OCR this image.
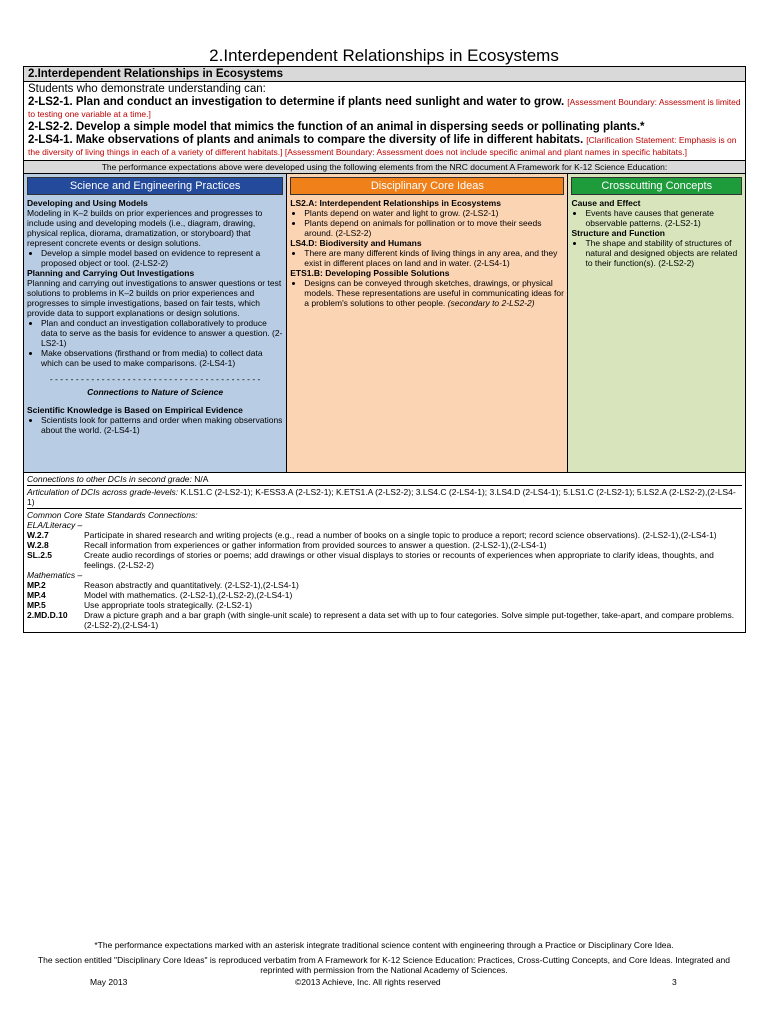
2.Interdependent Relationships in Ecosystems
2.Interdependent Relationships in Ecosystems
Students who demonstrate understanding can:
2-LS2-1. Plan and conduct an investigation to determine if plants need sunlight and water to grow. [Assessment Boundary: Assessment is limited to testing one variable at a time.]
2-LS2-2. Develop a simple model that mimics the function of an animal in dispersing seeds or pollinating plants.*
2-LS4-1. Make observations of plants and animals to compare the diversity of life in different habitats. [Clarification Statement: Emphasis is on the diversity of living things in each of a variety of different habitats.] [Assessment Boundary: Assessment does not include specific animal and plant names in specific habitats.]
The performance expectations above were developed using the following elements from the NRC document A Framework for K-12 Science Education:
Science and Engineering Practices
Developing and Using Models
Modeling in K–2 builds on prior experiences and progresses to include using and developing models (i.e., diagram, drawing, physical replica, diorama, dramatization, or storyboard) that represent concrete events or design solutions.
• Develop a simple model based on evidence to represent a proposed object or tool. (2-LS2-2)
Planning and Carrying Out Investigations
Planning and carrying out investigations to answer questions or test solutions to problems in K–2 builds on prior experiences and progresses to simple investigations, based on fair tests, which provide data to support explanations or design solutions.
• Plan and conduct an investigation collaboratively to produce data to serve as the basis for evidence to answer a question. (2-LS2-1)
• Make observations (firsthand or from media) to collect data which can be used to make comparisons. (2-LS4-1)
- - - - - - - - - - - - - - - - - - - - - - - - - - - - - - - - - - - - - - - - -
Connections to Nature of Science
Scientific Knowledge is Based on Empirical Evidence
• Scientists look for patterns and order when making observations about the world. (2-LS4-1)
Disciplinary Core Ideas
LS2.A: Interdependent Relationships in Ecosystems
• Plants depend on water and light to grow. (2-LS2-1)
• Plants depend on animals for pollination or to move their seeds around. (2-LS2-2)
LS4.D: Biodiversity and Humans
• There are many different kinds of living things in any area, and they exist in different places on land and in water. (2-LS4-1)
ETS1.B: Developing Possible Solutions
• Designs can be conveyed through sketches, drawings, or physical models. These representations are useful in communicating ideas for a problem's solutions to other people. (secondary to 2-LS2-2)
Crosscutting Concepts
Cause and Effect
• Events have causes that generate observable patterns. (2-LS2-1)
Structure and Function
• The shape and stability of structures of natural and designed objects are related to their function(s). (2-LS2-2)
Connections to other DCIs in second grade: N/A
Articulation of DCIs across grade-levels: K.LS1.C (2-LS2-1); K-ESS3.A (2-LS2-1); K.ETS1.A (2-LS2-2); 3.LS4.C (2-LS4-1); 3.LS4.D (2-LS4-1); 5.LS1.C (2-LS2-1); 5.LS2.A (2-LS2-2),(2-LS4-1)
Common Core State Standards Connections:
ELA/Literacy –
W.2.7	Participate in shared research and writing projects (e.g., read a number of books on a single topic to produce a report; record science observations). (2-LS2-1),(2-LS4-1)
W.2.8	Recall information from experiences or gather information from provided sources to answer a question. (2-LS2-1),(2-LS4-1)
SL.2.5	Create audio recordings of stories or poems; add drawings or other visual displays to stories or recounts of experiences when appropriate to clarify ideas, thoughts, and feelings. (2-LS2-2)
Mathematics –
MP.2	Reason abstractly and quantitatively. (2-LS2-1),(2-LS4-1)
MP.4	Model with mathematics. (2-LS2-1),(2-LS2-2),(2-LS4-1)
MP.5	Use appropriate tools strategically. (2-LS2-1)
2.MD.D.10	Draw a picture graph and a bar graph (with single-unit scale) to represent a data set with up to four categories. Solve simple put-together, take-apart, and compare problems. (2-LS2-2),(2-LS4-1)
*The performance expectations marked with an asterisk integrate traditional science content with engineering through a Practice or Disciplinary Core Idea.
The section entitled "Disciplinary Core Ideas" is reproduced verbatim from A Framework for K-12 Science Education: Practices, Cross-Cutting Concepts, and Core Ideas. Integrated and reprinted with permission from the National Academy of Sciences.
May 2013	©2013 Achieve, Inc. All rights reserved	3
